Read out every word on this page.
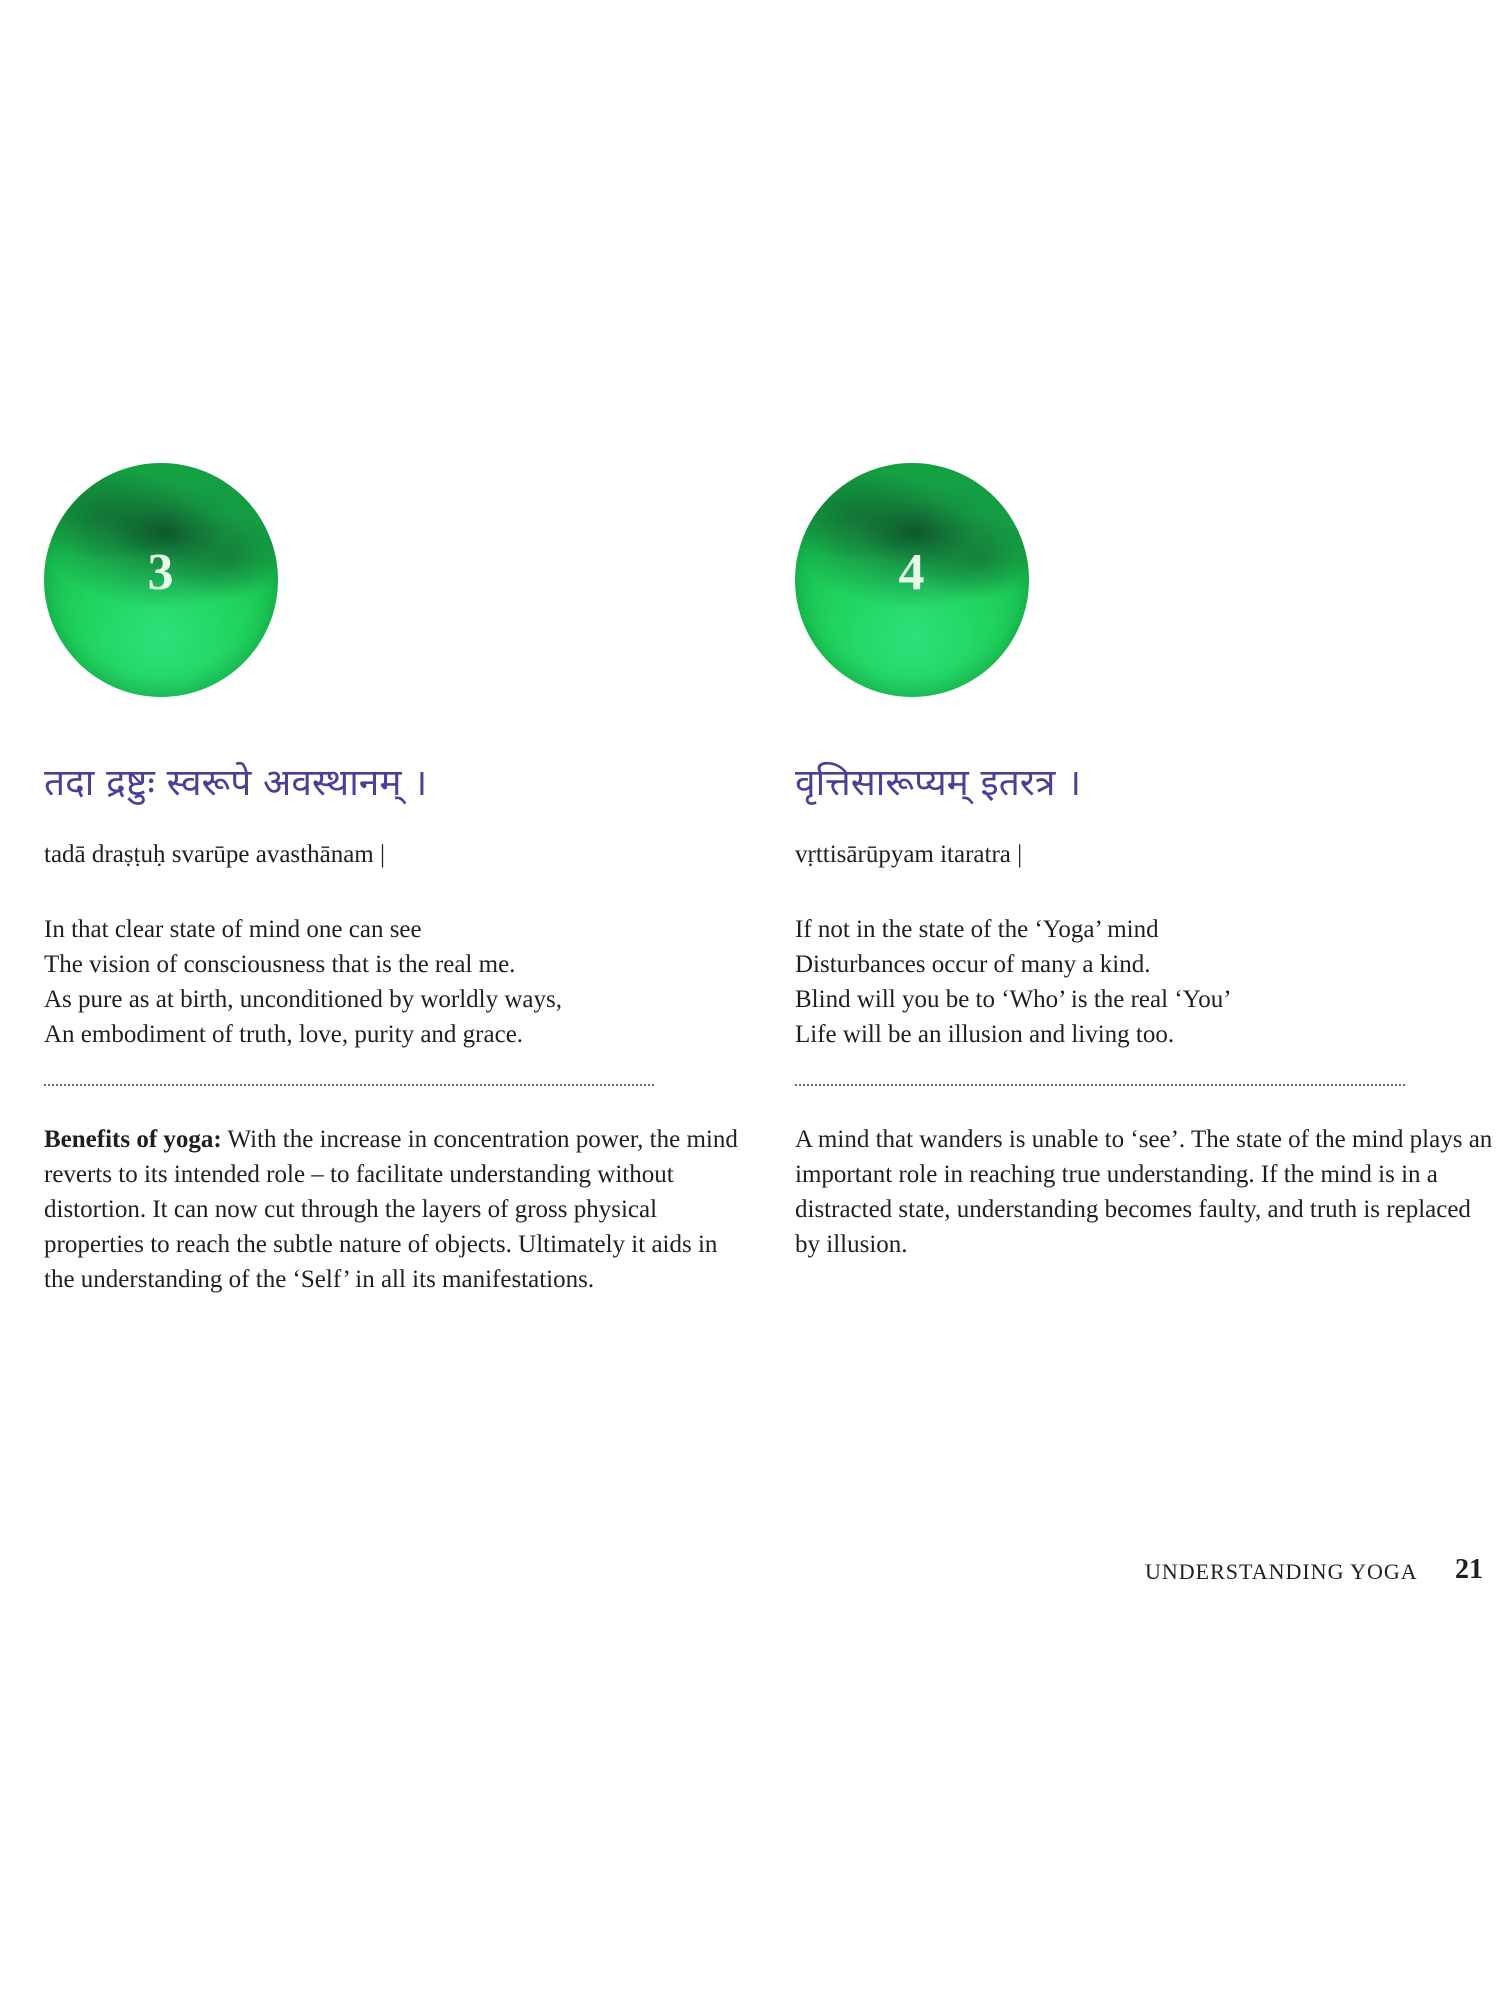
3
तदा द्रष्टुः स्वरूपे अवस्थानम् ।
tadā draṣṭuḥ svarūpe avasthānam |
In that clear state of mind one can see
The vision of consciousness that is the real me.
As pure as at birth, unconditioned by worldly ways,
An embodiment of truth, love, purity and grace.

Benefits of yoga: With the increase in concentration power, the mind reverts to its intended role – to facilitate understanding without distortion. It can now cut through the layers of gross physical properties to reach the subtle nature of objects. Ultimately it aids in the understanding of the ‘Self’ in all its manifestations.

4
वृत्तिसारूप्यम् इतरत्र ।
vṛttisārūpyam itaratra |
If not in the state of the ‘Yoga’ mind
Disturbances occur of many a kind.
Blind will you be to ‘Who’ is the real ‘You’
Life will be an illusion and living too.

A mind that wanders is unable to ‘see’. The state of the mind plays an important role in reaching true understanding. If the mind is in a distracted state, understanding becomes faulty, and truth is replaced by illusion.

UNDERSTANDING YOGA 21
